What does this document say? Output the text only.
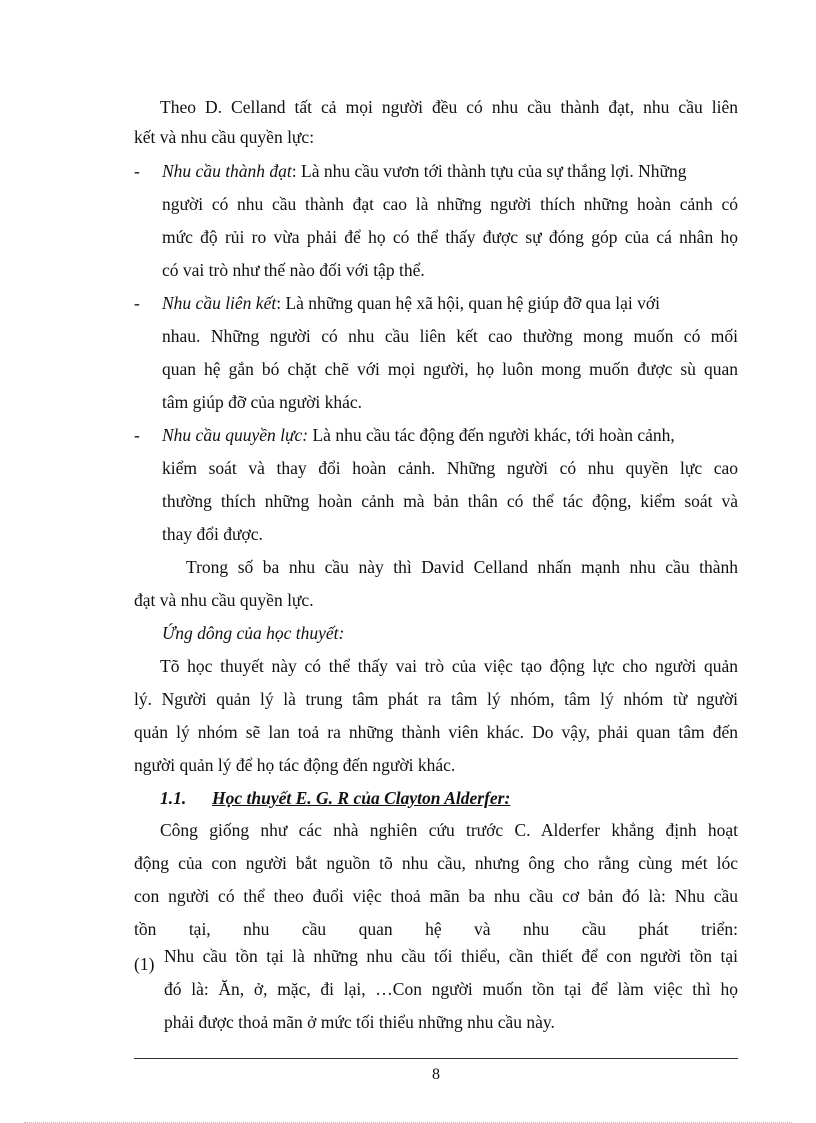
Theo D. Celland tất cả mọi người đều có nhu cầu thành đạt, nhu cầu liên
kết và nhu cầu quyền lực:
- Nhu cầu thành đạt: Là nhu cầu vươn tới thành tựu của sự thắng lợi. Những
người có nhu cầu thành đạt cao là những người thích những hoàn cảnh có
mức độ rủi ro vừa phải để họ có thể thấy được sự đóng góp của cá nhân họ
có vai trò như thế nào đối với tập thể.
- Nhu cầu liên kết: Là những quan hệ xã hội, quan hệ giúp đỡ qua lại với
nhau. Những người có nhu cầu liên kết cao thường mong muốn có mối
quan hệ gắn bó chặt chẽ với mọi người, họ luôn mong muốn được sù quan
tâm giúp đỡ của người khác.
- Nhu cầu quuyền lực: Là nhu cầu tác động đến người khác, tới hoàn cảnh,
kiểm soát và thay đổi hoàn cảnh. Những người có nhu quyền lực cao
thường thích những hoàn cảnh mà bản thân có thể tác động, kiểm soát và
thay đổi được.
Trong số ba nhu cầu này thì David Celland nhấn mạnh nhu cầu thành
đạt và nhu cầu quyền lực.
Ứng dông của học thuyết:
Tõ học thuyết này có thể thấy vai trò của việc tạo động lực cho người quản
lý. Người quản lý là trung tâm phát ra tâm lý nhóm, tâm lý nhóm từ người
quản lý nhóm sẽ lan toả ra những thành viên khác. Do vậy, phải quan tâm đến
người quản lý để họ tác động đến người khác.
1.1. Học thuyết E. G. R của Clayton Alderfer:
Công giống như các nhà nghiên cứu trước C. Alderfer khẳng định hoạt
động của con người bắt nguồn tõ nhu cầu, nhưng ông cho rằng cùng mét lóc
con người có thể theo đuổi việc thoả mãn ba nhu cầu cơ bản đó là: Nhu cầu
tồn tại, nhu cầu quan hệ và nhu cầu phát triển:
(1) Nhu cầu tồn tại là những nhu cầu tối thiểu, cần thiết để con người tồn tại
đó là: Ăn, ở, mặc, đi lại, …Con người muốn tồn tại để làm việc thì họ
phải được thoả mãn ở mức tối thiểu những nhu cầu này.
8
